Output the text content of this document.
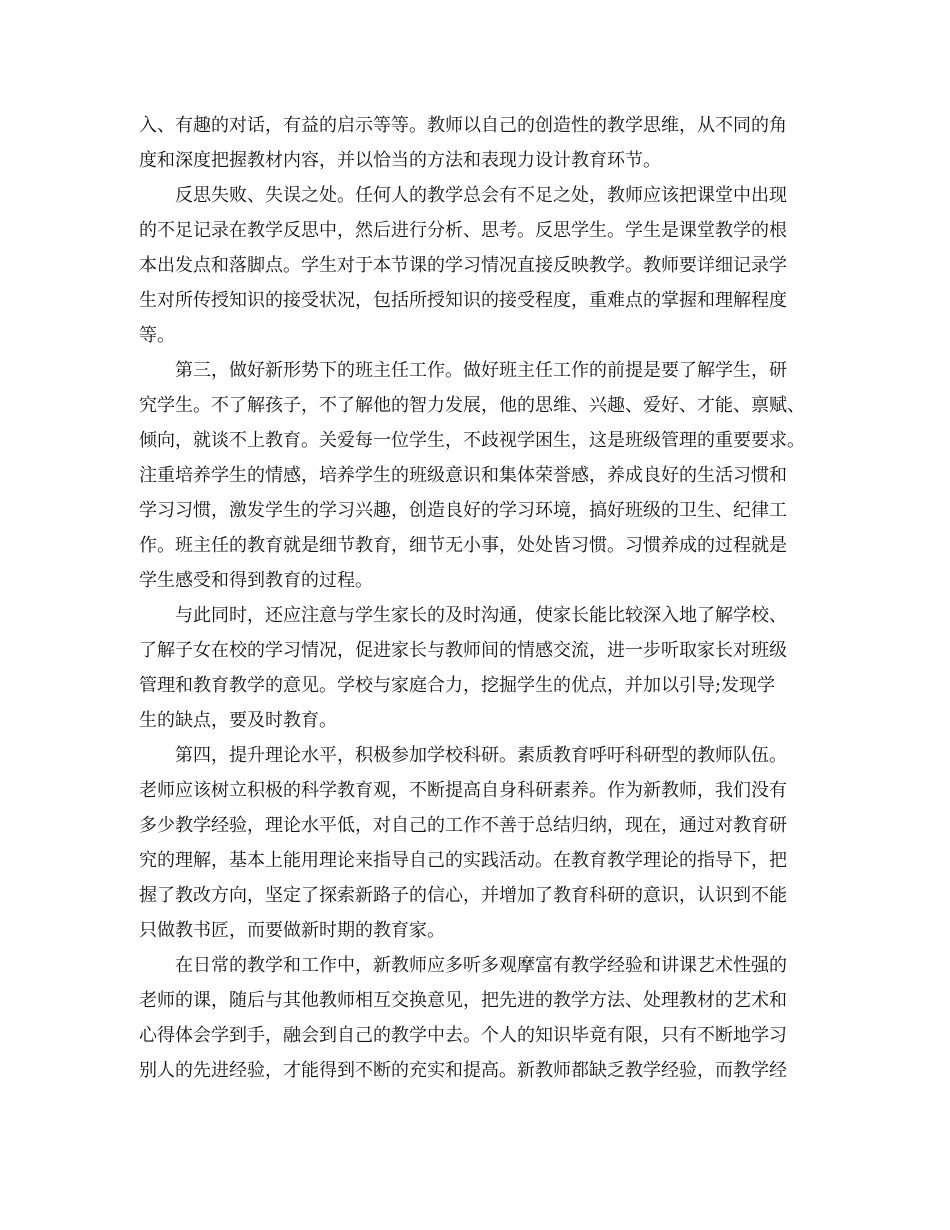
入、有趣的对话，有益的启示等等。教师以自己的创造性的教学思维，从不同的角
度和深度把握教材内容，并以恰当的方法和表现力设计教育环节。
反思失败、失误之处。任何人的教学总会有不足之处，教师应该把课堂中出现
的不足记录在教学反思中，然后进行分析、思考。反思学生。学生是课堂教学的根
本出发点和落脚点。学生对于本节课的学习情况直接反映教学。教师要详细记录学
生对所传授知识的接受状况，包括所授知识的接受程度，重难点的掌握和理解程度
等。
第三，做好新形势下的班主任工作。做好班主任工作的前提是要了解学生，研
究学生。不了解孩子，不了解他的智力发展，他的思维、兴趣、爱好、才能、禀赋、
倾向，就谈不上教育。关爱每一位学生，不歧视学困生，这是班级管理的重要要求。
注重培养学生的情感，培养学生的班级意识和集体荣誉感，养成良好的生活习惯和
学习习惯，激发学生的学习兴趣，创造良好的学习环境，搞好班级的卫生、纪律工
作。班主任的教育就是细节教育，细节无小事，处处皆习惯。习惯养成的过程就是
学生感受和得到教育的过程。
与此同时，还应注意与学生家长的及时沟通，使家长能比较深入地了解学校、
了解子女在校的学习情况，促进家长与教师间的情感交流，进一步听取家长对班级
管理和教育教学的意见。学校与家庭合力，挖掘学生的优点，并加以引导;发现学
生的缺点，要及时教育。
第四，提升理论水平，积极参加学校科研。素质教育呼吁科研型的教师队伍。
老师应该树立积极的科学教育观，不断提高自身科研素养。作为新教师，我们没有
多少教学经验，理论水平低，对自己的工作不善于总结归纳，现在，通过对教育研
究的理解，基本上能用理论来指导自己的实践活动。在教育教学理论的指导下，把
握了教改方向，坚定了探索新路子的信心，并增加了教育科研的意识，认识到不能
只做教书匠，而要做新时期的教育家。
在日常的教学和工作中，新教师应多听多观摩富有教学经验和讲课艺术性强的
老师的课，随后与其他教师相互交换意见，把先进的教学方法、处理教材的艺术和
心得体会学到手，融会到自己的教学中去。个人的知识毕竟有限，只有不断地学习
别人的先进经验，才能得到不断的充实和提高。新教师都缺乏教学经验，而教学经
